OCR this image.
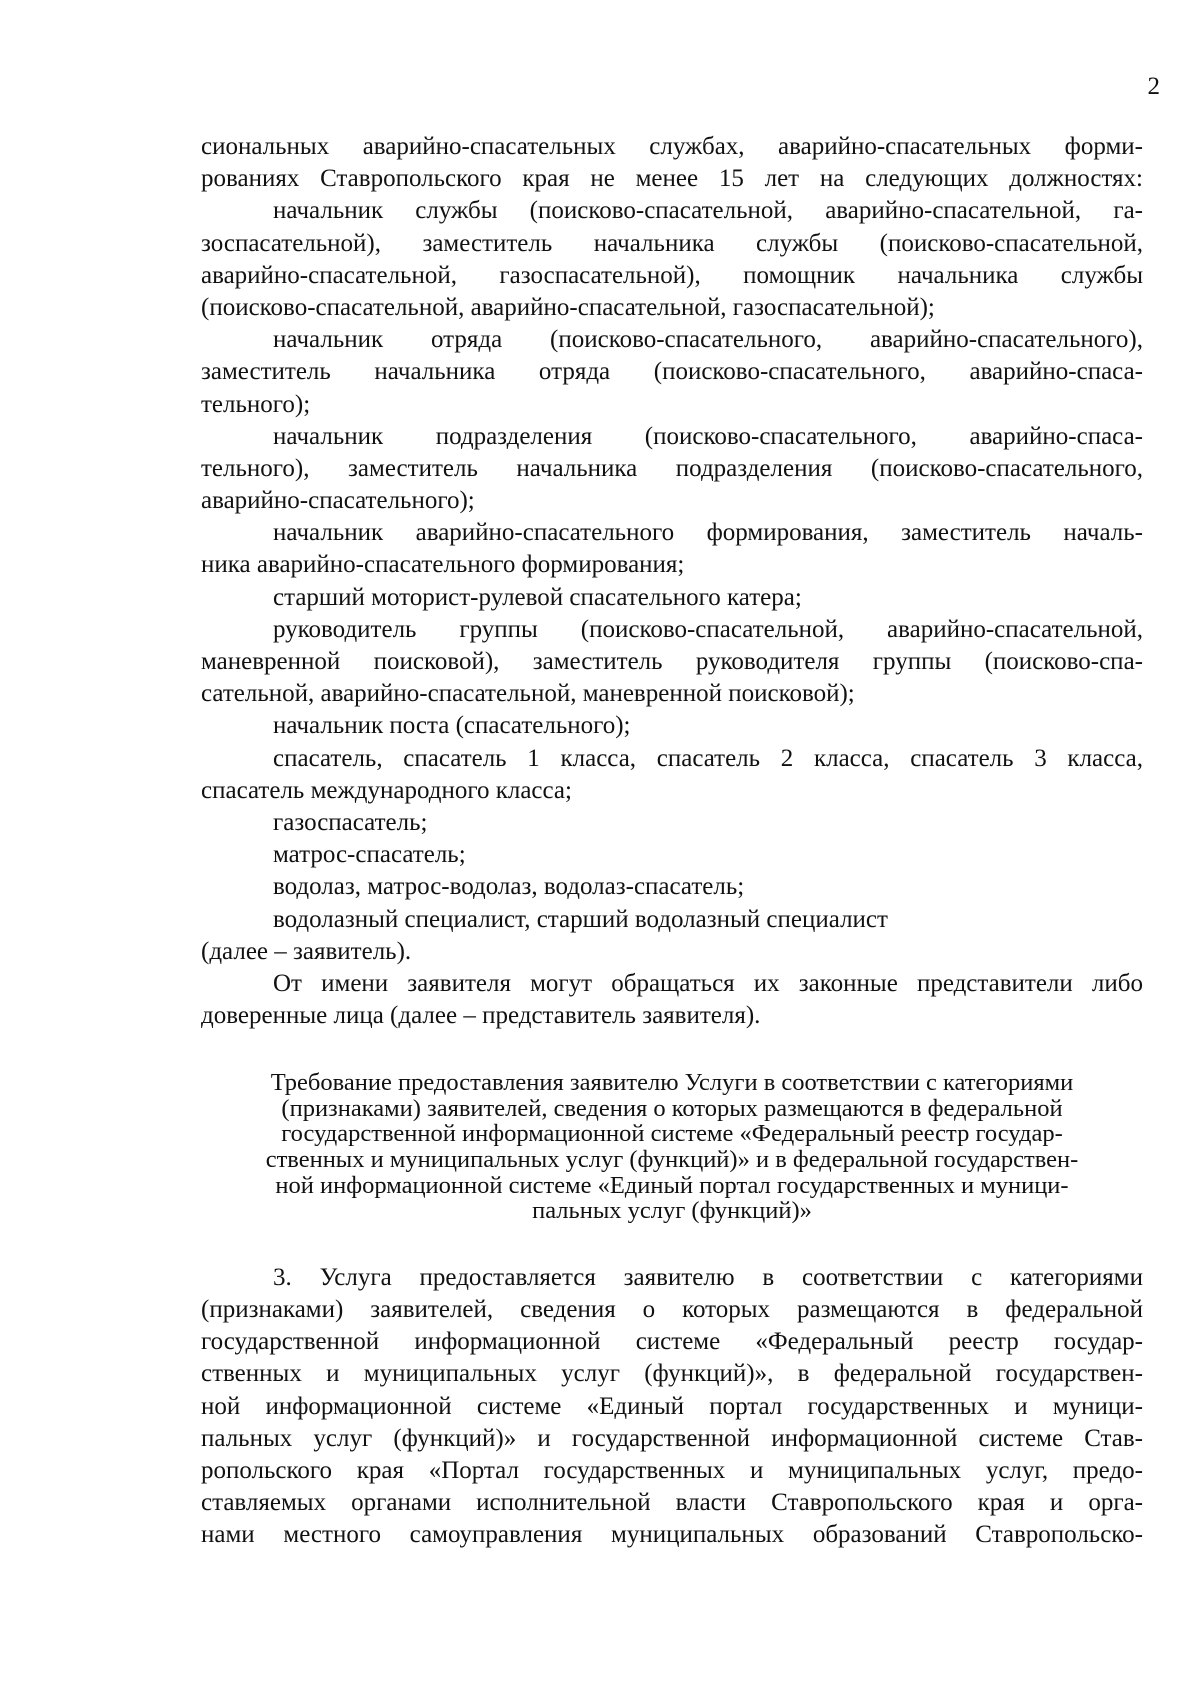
2
сиональных аварийно-спасательных службах, аварийно-спасательных форми-
рованиях Ставропольского края не менее 15 лет на следующих должностях:
начальник службы (поисково-спасательной, аварийно-спасательной, га-
зоспасательной), заместитель начальника службы (поисково-спасательной,
аварийно-спасательной, газоспасательной), помощник начальника службы
(поисково-спасательной, аварийно-спасательной, газоспасательной);
начальник отряда (поисково-спасательного, аварийно-спасательного),
заместитель начальника отряда (поисково-спасательного, аварийно-спаса-
тельного);
начальник подразделения (поисково-спасательного, аварийно-спаса-
тельного), заместитель начальника подразделения (поисково-спасательного,
аварийно-спасательного);
начальник аварийно-спасательного формирования, заместитель началь-
ника аварийно-спасательного формирования;
старший моторист-рулевой спасательного катера;
руководитель группы (поисково-спасательной, аварийно-спасательной,
маневренной поисковой), заместитель руководителя группы (поисково-спа-
сательной, аварийно-спасательной, маневренной поисковой);
начальник поста (спасательного);
спасатель, спасатель 1 класса, спасатель 2 класса, спасатель 3 класса,
спасатель международного класса;
газоспасатель;
матрос-спасатель;
водолаз, матрос-водолаз, водолаз-спасатель;
водолазный специалист, старший водолазный специалист
(далее – заявитель).
От имени заявителя могут обращаться их законные представители либо
доверенные лица (далее – представитель заявителя).
Требование предоставления заявителю Услуги в соответствии с категориями
(признаками) заявителей, сведения о которых размещаются в федеральной
государственной информационной системе «Федеральный реестр государ-
ственных и муниципальных услуг (функций)» и в федеральной государствен-
ной информационной системе «Единый портал государственных и муници-
пальных услуг (функций)»
3. Услуга предоставляется заявителю в соответствии с категориями
(признаками) заявителей, сведения о которых размещаются в федеральной
государственной информационной системе «Федеральный реестр государ-
ственных и муниципальных услуг (функций)», в федеральной государствен-
ной информационной системе «Единый портал государственных и муници-
пальных услуг (функций)» и государственной информационной системе Став-
ропольского края «Портал государственных и муниципальных услуг, предо-
ставляемых органами исполнительной власти Ставропольского края и орга-
нами местного самоуправления муниципальных образований Ставропольско-
